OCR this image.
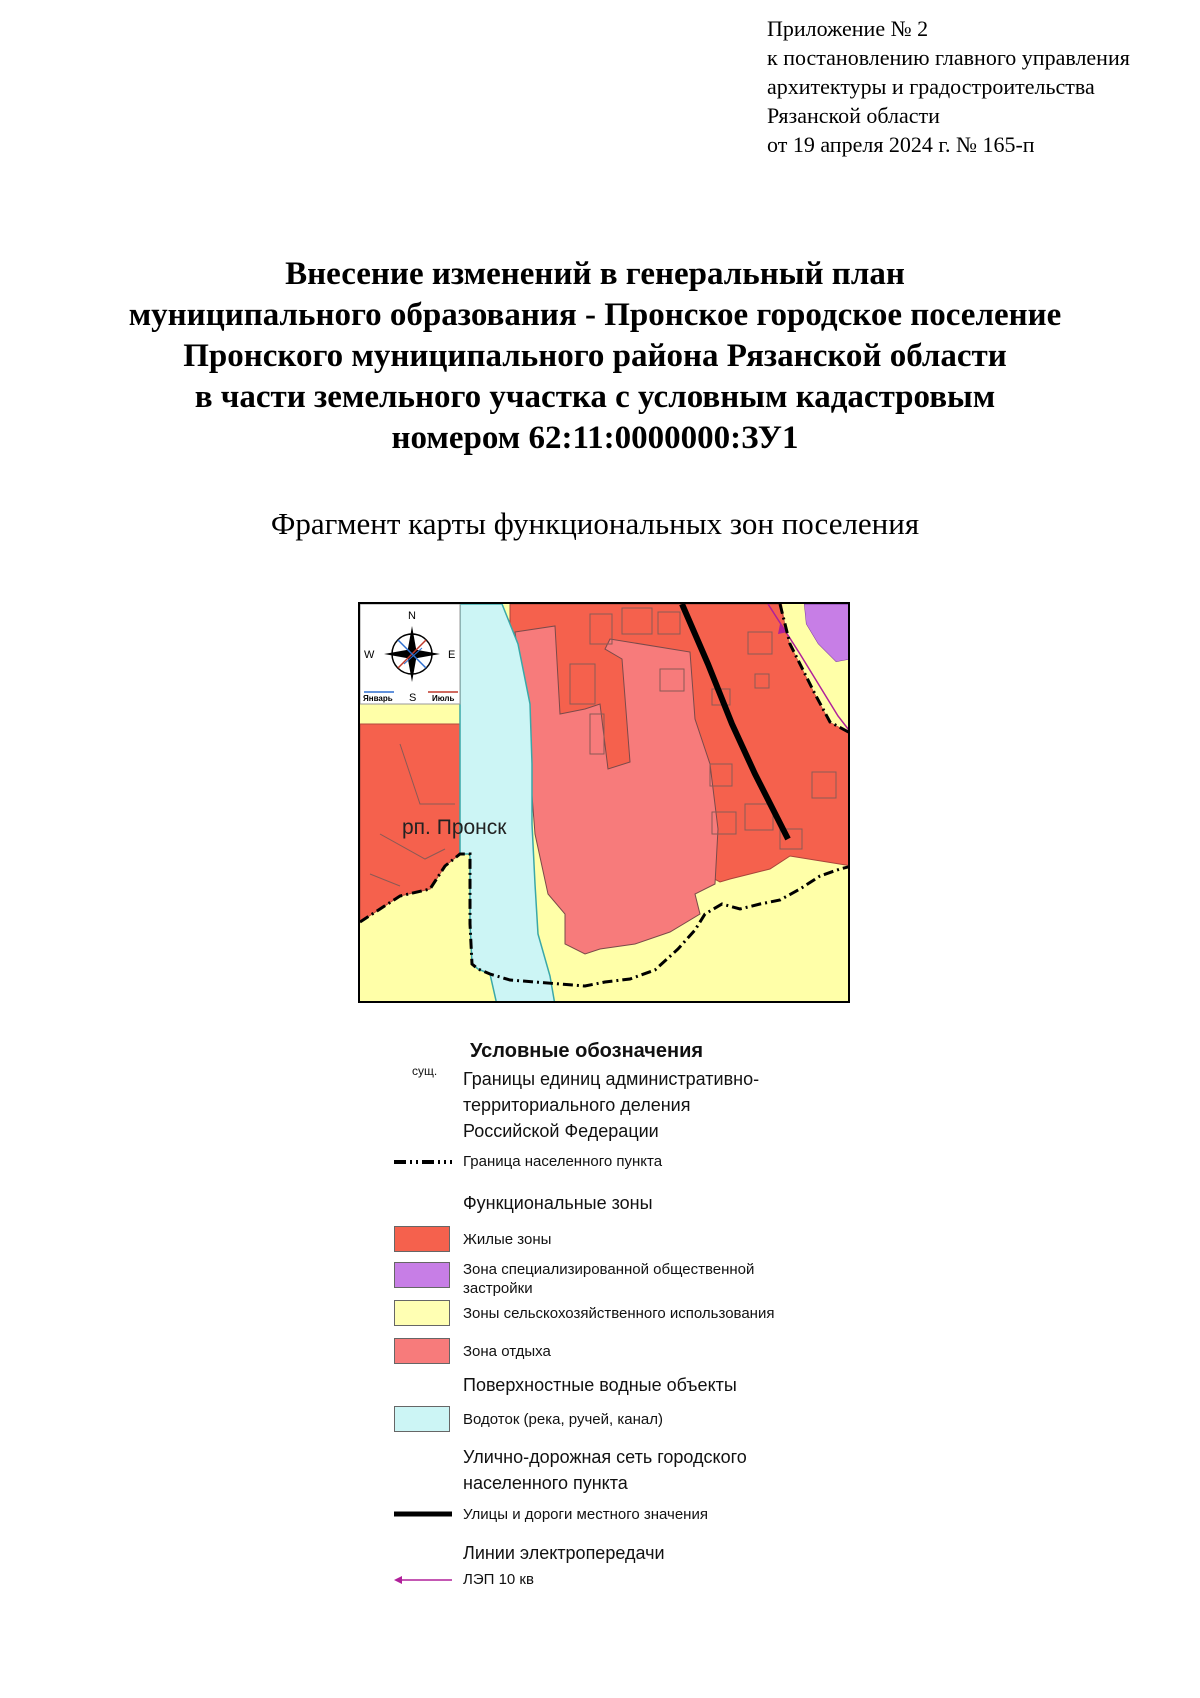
Приложение № 2
к постановлению главного управления
архитектуры и градостроительства
Рязанской области
от 19 апреля 2024 г. № 165-п
Внесение изменений в генеральный план
муниципального образования - Пронское городское поселение
Пронского муниципального района Рязанской области
в части земельного участка с условным кадастровым
номером 62:11:0000000:ЗУ1
Фрагмент карты функциональных зон поселения
N
S
W	E
Январь	Июль
рп. Пронск
Условные обозначения
сущ. Границы единиц административно-
территориального деления
Российской Федерации
Граница населенного пункта
Функциональные зоны
Жилые зоны
Зона специализированной общественной
застройки
Зоны сельскохозяйственного использования
Зона отдыха
Поверхностные водные объекты
Водоток (река, ручей, канал)
Улично-дорожная сеть городского
населенного пункта
Улицы и дороги местного значения
Линии электропередачи
ЛЭП 10 кв
